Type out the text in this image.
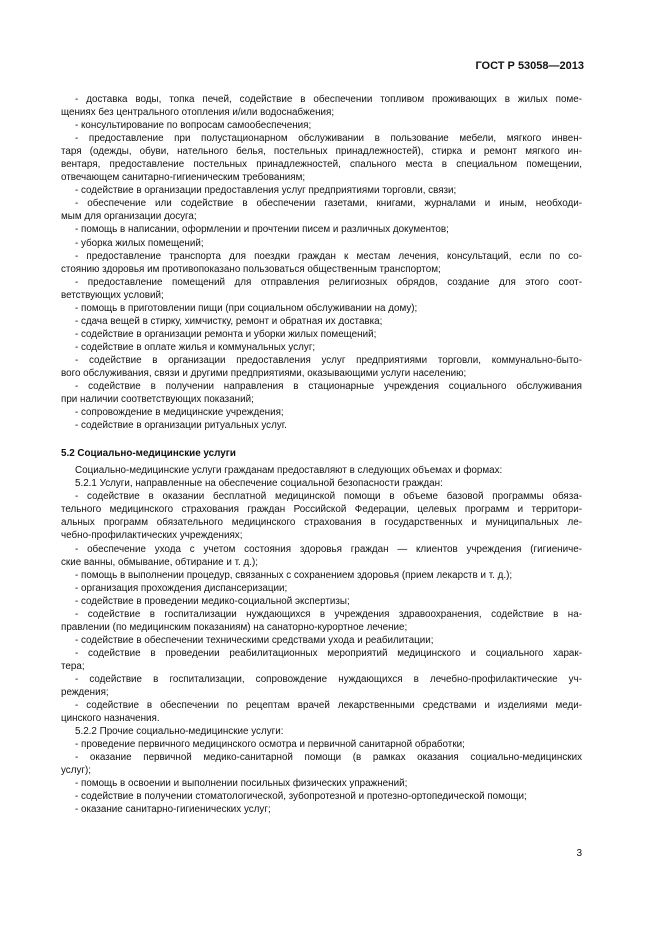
ГОСТ Р 53058—2013
- доставка воды, топка печей, содействие в обеспечении топливом проживающих в жилых поме-
щениях без центрального отопления и/или водоснабжения;
- консультирование по вопросам самообеспечения;
- предоставление при полустационарном обслуживании в пользование мебели, мягкого инвен-
таря (одежды, обуви, нательного белья, постельных принадлежностей), стирка и ремонт мягкого ин-
вентаря, предоставление постельных принадлежностей, спального места в специальном помещении,
отвечающем санитарно-гигиеническим требованиям;
- содействие в организации предоставления услуг предприятиями торговли, связи;
- обеспечение или содействие в обеспечении газетами, книгами, журналами и иным, необходи-
мым для организации досуга;
- помощь в написании, оформлении и прочтении писем и различных документов;
- уборка жилых помещений;
- предоставление транспорта для поездки граждан к местам лечения, консультаций, если по со-
стоянию здоровья им противопоказано пользоваться общественным транспортом;
- предоставление помещений для отправления религиозных обрядов, создание для этого соот-
ветствующих условий;
- помощь в приготовлении пищи (при социальном обслуживании на дому);
- сдача вещей в стирку, химчистку, ремонт и обратная их доставка;
- содействие в организации ремонта и уборки жилых помещений;
- содействие в оплате жилья и коммунальных услуг;
- содействие в организации предоставления услуг предприятиями торговли, коммунально-быто-
вого обслуживания, связи и другими предприятиями, оказывающими услуги населению;
- содействие в получении направления в стационарные учреждения социального обслуживания
при наличии соответствующих показаний;
- сопровождение в медицинские учреждения;
- содействие в организации ритуальных услуг.
5.2 Социально-медицинские услуги
Социально-медицинские услуги гражданам предоставляют в следующих объемах и формах:
5.2.1 Услуги, направленные на обеспечение социальной безопасности граждан:
- содействие в оказании бесплатной медицинской помощи в объеме базовой программы обяза-
тельного медицинского страхования граждан Российской Федерации, целевых программ и территори-
альных программ обязательного медицинского страхования в государственных и муниципальных ле-
чебно-профилактических учреждениях;
- обеспечение ухода с учетом состояния здоровья граждан — клиентов учреждения (гигиениче-
ские ванны, обмывание, обтирание и т. д.);
- помощь в выполнении процедур, связанных с сохранением здоровья (прием лекарств и т. д.);
- организация прохождения диспансеризации;
- содействие в проведении медико-социальной экспертизы;
- содействие в госпитализации нуждающихся в учреждения здравоохранения, содействие в на-
правлении (по медицинским показаниям) на санаторно-курортное лечение;
- содействие в обеспечении техническими средствами ухода и реабилитации;
- содействие в проведении реабилитационных мероприятий медицинского и социального харак-
тера;
- содействие в госпитализации, сопровождение нуждающихся в лечебно-профилактические уч-
реждения;
- содействие в обеспечении по рецептам врачей лекарственными средствами и изделиями меди-
цинского назначения.
5.2.2 Прочие социально-медицинские услуги:
- проведение первичного медицинского осмотра и первичной санитарной обработки;
- оказание первичной медико-санитарной помощи (в рамках оказания социально-медицинских
услуг);
- помощь в освоении и выполнении посильных физических упражнений;
- содействие в получении стоматологической, зубопротезной и протезно-ортопедической помощи;
- оказание санитарно-гигиенических услуг;
3
